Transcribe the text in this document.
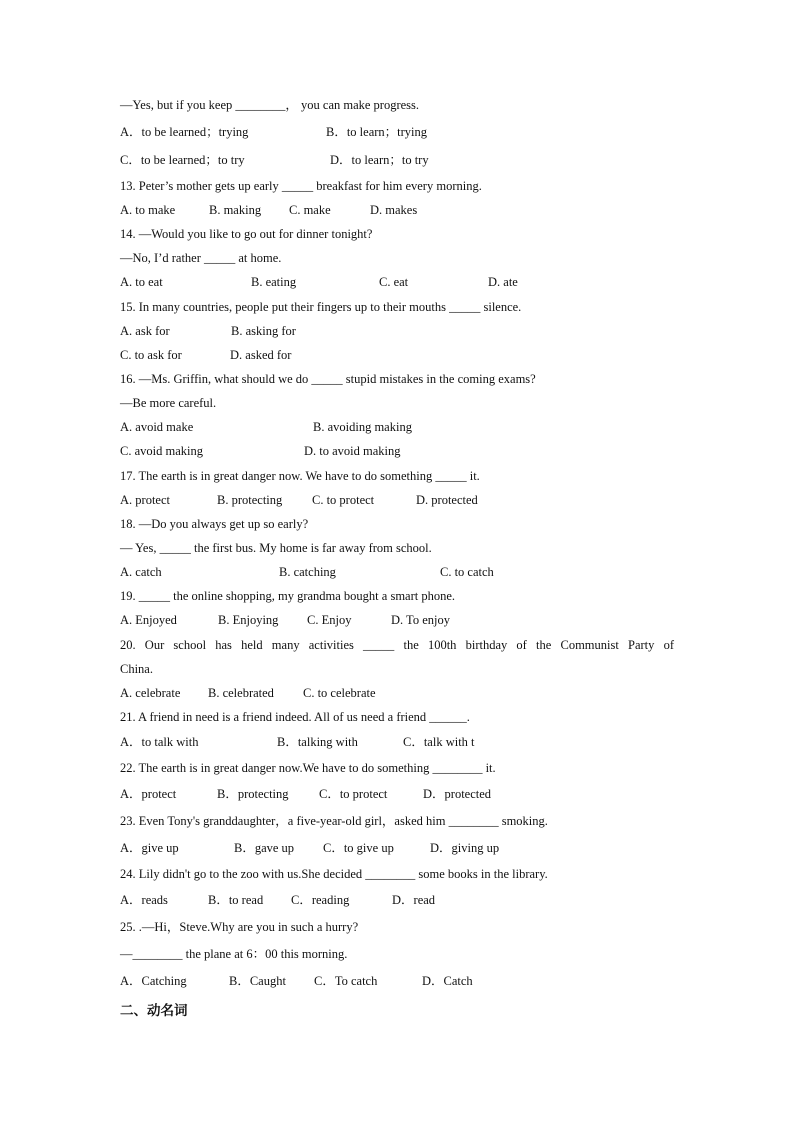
—Yes, but if you keep ________， you can make progress.
A．to be learned；trying	B．to learn；trying
C．to be learned；to try	D．to learn；to try
13. Peter’s mother gets up early _____ breakfast for him every morning.
A. to make	B. making C. make	D. makes
14. —Would you like to go out for dinner tonight?
—No, I’d rather _____ at home.
A. to eat	B. eating	C. eat	D. ate
15. In many countries, people put their fingers up to their mouths _____ silence.
A. ask for	B. asking for
C. to ask for	D. asked for
16. —Ms. Griffin, what should we do _____ stupid mistakes in the coming exams?
—Be more careful.
A. avoid make	B. avoiding making
C. avoid making	D. to avoid making
17. The earth is in great danger now. We have to do something _____ it.
A. protect	B. protecting C. to protect	D. protected
18. —Do you always get up so early?
— Yes, _____ the first bus. My home is far away from school.
A. catch	B. catching	C. to catch
19. _____ the online shopping, my grandma bought a smart phone.
A. Enjoyed	B. Enjoying C. Enjoy	D. To enjoy
20. Our school has held many activities _____ the 100th birthday of the Communist Party of
China.
A. celebrate B. celebrated C. to celebrate
21. A friend in need is a friend indeed. All of us need a friend ______.
A．to talk with	B．talking with	C．talk with t
22. The earth is in great danger now.We have to do something ________ it.
A．protect	B．protecting C．to protect	D．protected
23. Even Tony's granddaughter，a five-year-old girl，asked him ________ smoking.
A．give up	B．gave up C．to give up	D．giving up
24. Lily didn't go to the zoo with us.She decided ________ some books in the library.
A．reads	B．to read C．reading	D．read
25. .—Hi，Steve.Why are you in such a hurry?
—________ the plane at 6：00 this morning.
A．Catching	B．Caught C．To catch	D．Catch
二、动名词
